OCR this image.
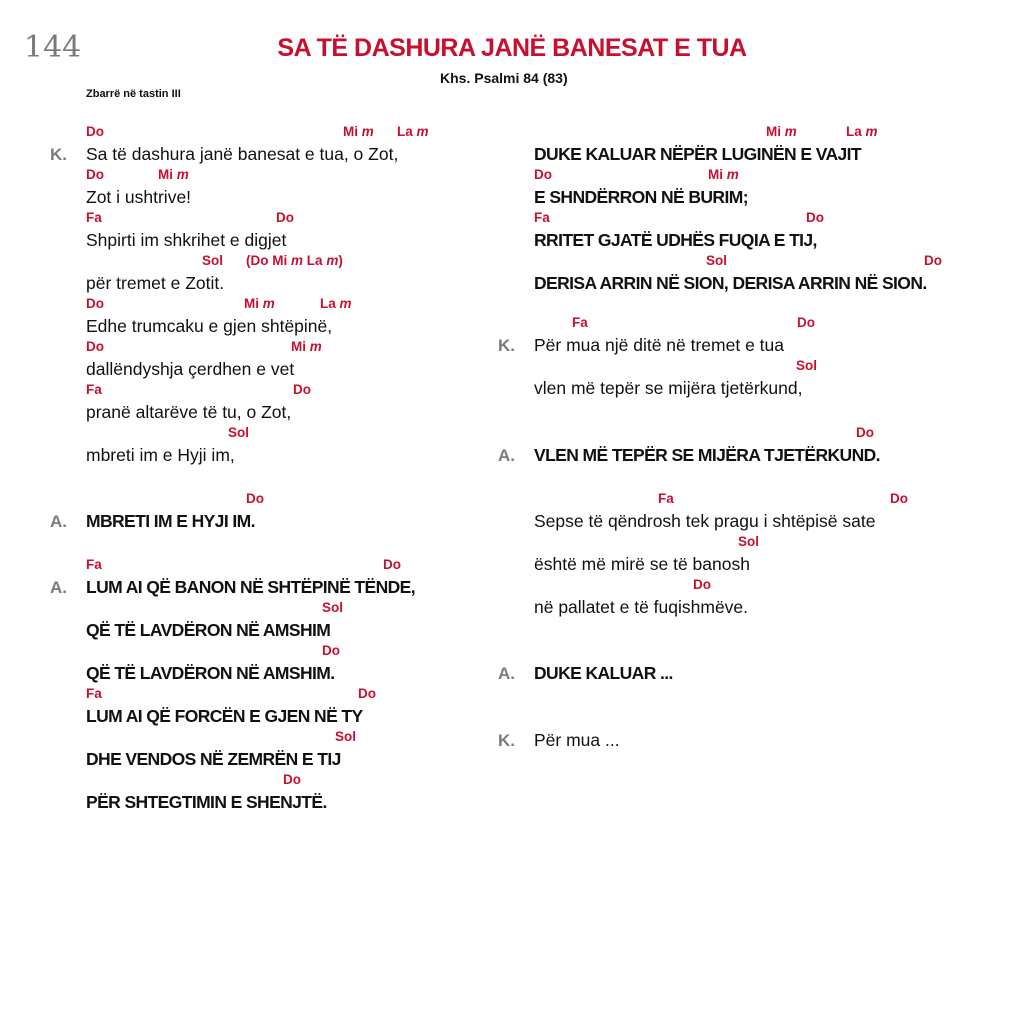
144	SA TË DASHURA JANË BANESAT E TUA
Khs. Psalmi 84 (83)
Zbarrë në tastin III
Do	Mi m La m
K. Sa të dashura janë banesat e tua, o Zot,
Do	Mi m
Zot i ushtrive!
Fa	Do
Shpirti im shkrihet e digjet
Sol (Do Mi m La m)
për tremet e Zotit.
Do	Mi m	La m
Edhe trumcaku e gjen shtëpinë,
Do	Mi m
dallëndyshja çerdhen e vet
Fa	Do
pranë altarëve të tu, o Zot,
Sol
mbreti im e Hyji im,
Do
A. MBRETI IM E HYJI IM.
Fa	Do
A. LUM AI QË BANON NË SHTËPINË TËNDE,
Sol
QË TË LAVDËRON NË AMSHIM
Do
QË TË LAVDËRON NË AMSHIM.
Fa	Do
LUM AI QË FORCËN E GJEN NË TY
Sol
DHE VENDOS NË ZEMRËN E TIJ
Do
PËR SHTEGTIMIN E SHENJTË.
Mi m	La m
DUKE KALUAR NËPËR LUGINËN E VAJIT
Do	Mi m
E SHNDËRRON NË BURIM;
Fa	Do
RRITET GJATË UDHËS FUQIA E TIJ,
Sol	Do
DERISA ARRIN NË SION, DERISA ARRIN NË SION.
Fa	Do
K. Për mua një ditë në tremet e tua
Sol
vlen më tepër se mijëra tjetërkund,
Do
A. VLEN MË TEPËR SE MIJËRA TJETËRKUND.
Fa	Do
Sepse të qëndrosh tek pragu i shtëpisë sate
Sol
është më mirë se të banosh
Do
në pallatet e të fuqishmëve.
A. DUKE KALUAR ...
K. Për mua ...
